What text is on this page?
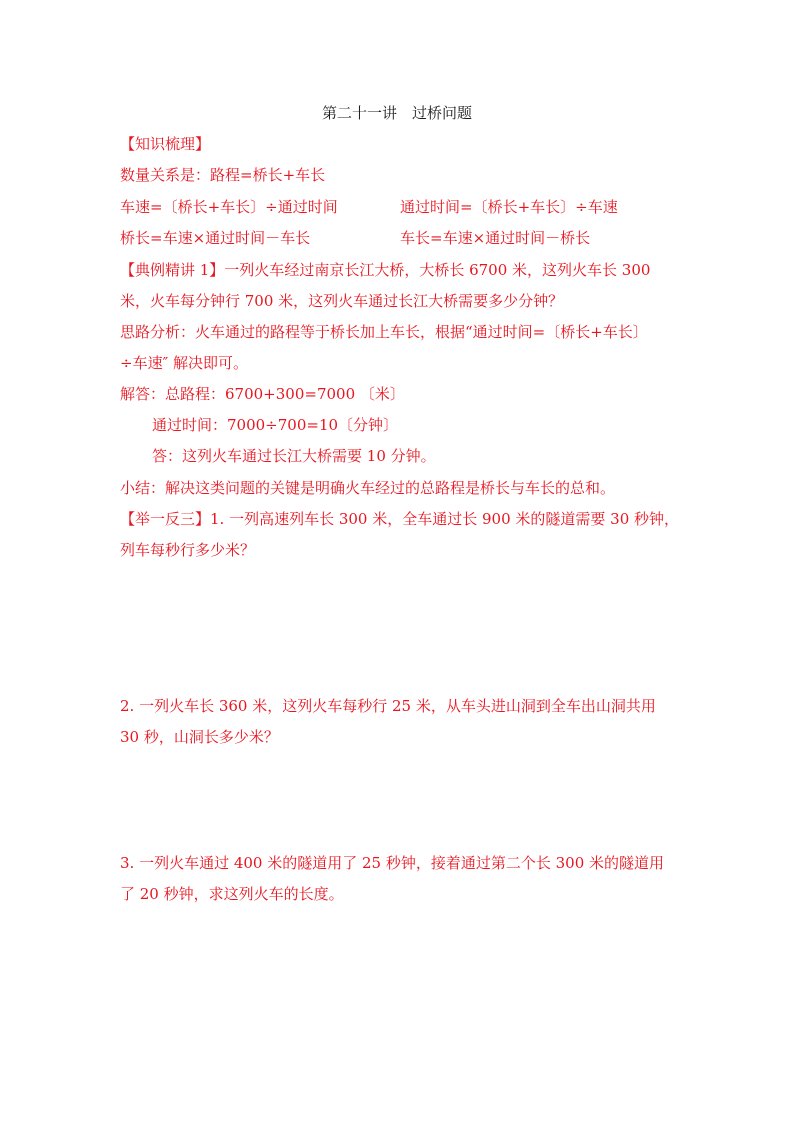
第二十一讲　过桥问题
【知识梳理】
数量关系是：路程=桥长+车长
车速=〔桥长+车长〕÷通过时间	通过时间=〔桥长+车长〕÷车速
桥长=车速×通过时间－车长	车长=车速×通过时间－桥长
【典例精讲 1】一列火车经过南京长江大桥，大桥长 6700 米，这列火车长 300
米，火车每分钟行 700 米，这列火车通过长江大桥需要多少分钟？
思路分析：火车通过的路程等于桥长加上车长，根据“通过时间=〔桥长+车长〕
÷车速″ 解决即可。
解答：总路程：6700+300=7000 〔米〕
通过时间：7000÷700=10〔分钟〕
答：这列火车通过长江大桥需要 10 分钟。
小结：解决这类问题的关键是明确火车经过的总路程是桥长与车长的总和。
【举一反三】1. 一列高速列车长 300 米，全车通过长 900 米的隧道需要 30 秒钟，
列车每秒行多少米？
2. 一列火车长 360 米，这列火车每秒行 25 米，从车头进山洞到全车出山洞共用
30 秒，山洞长多少米？
3. 一列火车通过 400 米的隧道用了 25 秒钟，接着通过第二个长 300 米的隧道用
了 20 秒钟，求这列火车的长度。
